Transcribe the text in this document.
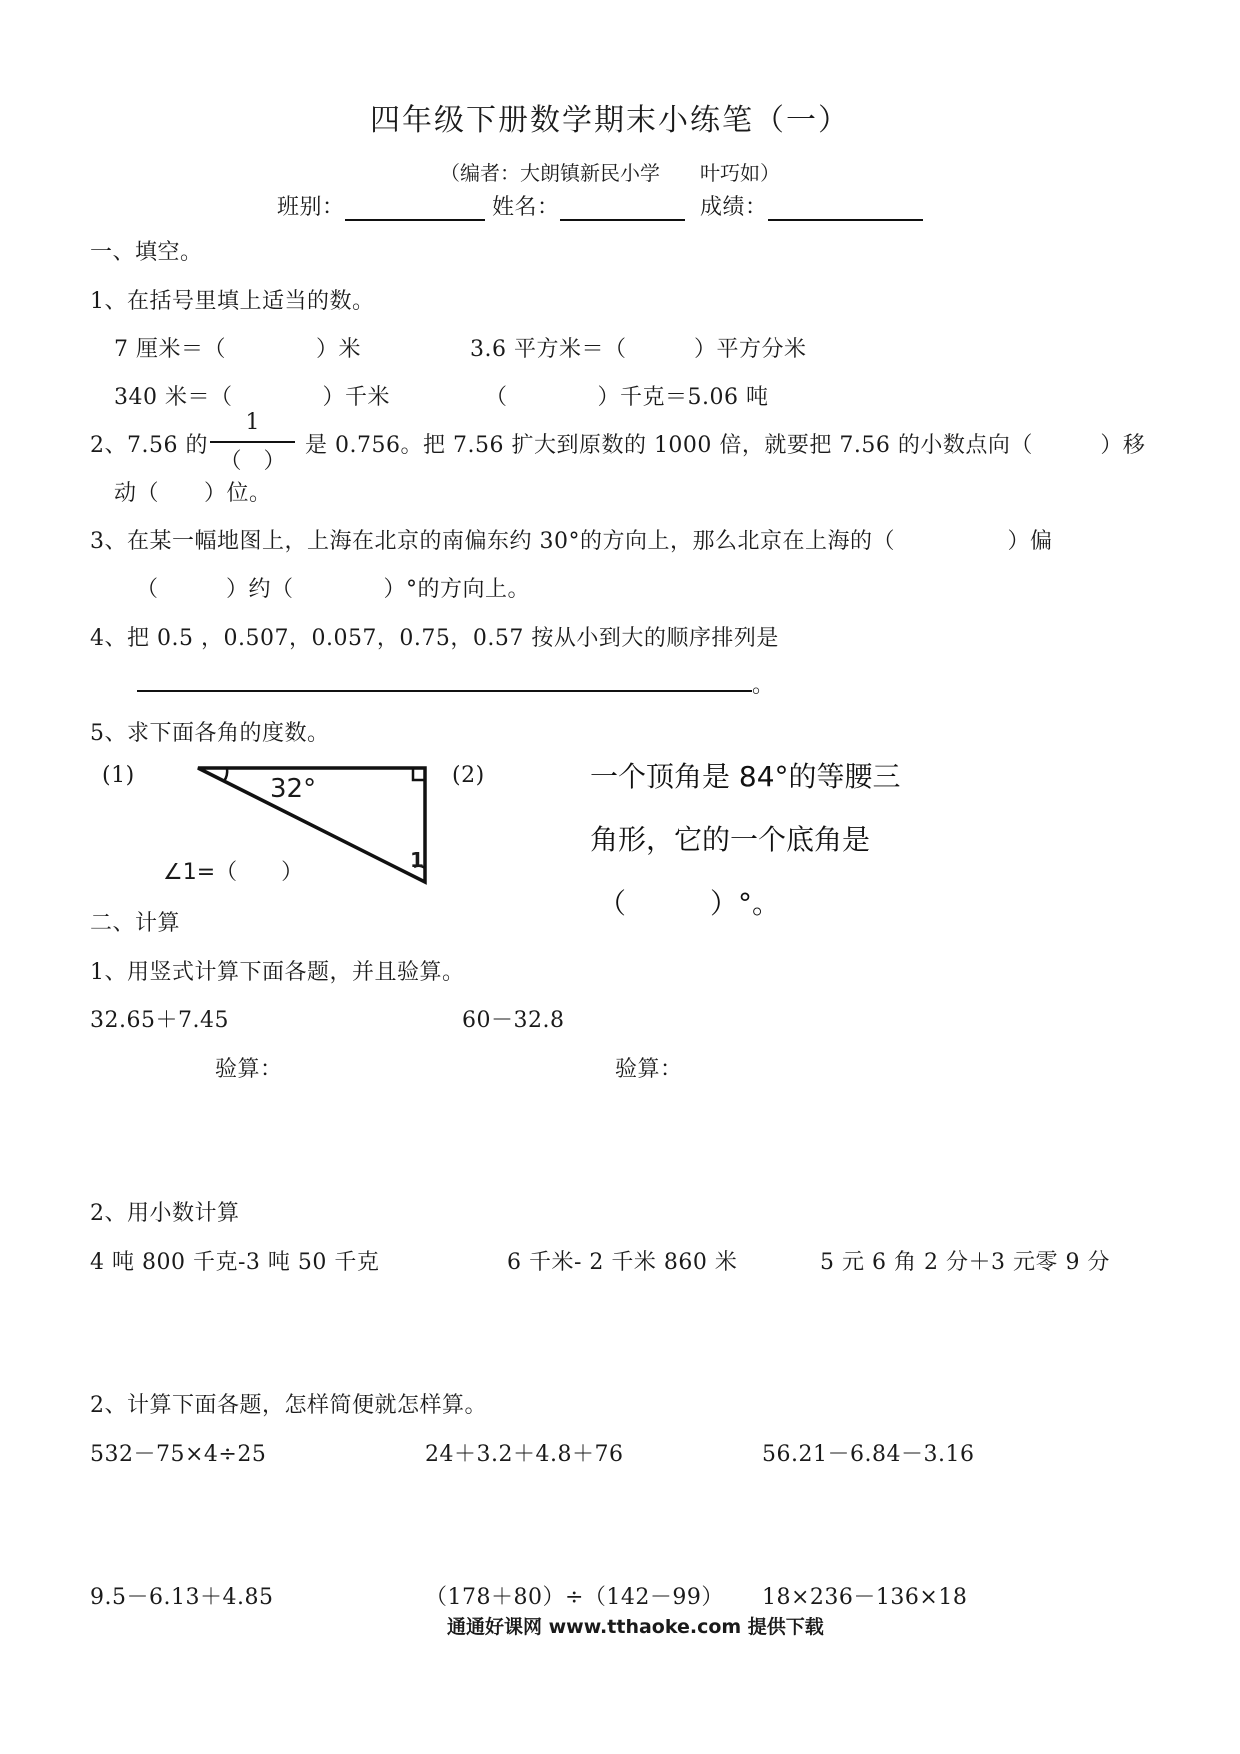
四年级下册数学期末小练笔（一）
（编者：大朗镇新民小学　　叶巧如）
班别：	姓名：	成绩：
一、填空。
1、在括号里填上适当的数。
7 厘米＝（　　　　）米	3.6 平方米＝（　　　）平方分米
340 米＝（　　　　）千米	（　　　　）千克＝5.06 吨
2、7.56 的
1
（　）
是 0.756。把 7.56 扩大到原数的 1000 倍，就要把 7.56 的小数点向（　　　）移
动（　　）位。
3、在某一幅地图上，上海在北京的南偏东约 30°的方向上，那么北京在上海的（　　　　　）偏
（　　　）约（　　　　）°的方向上。
4、把 0.5 ，0.507，0.057，0.75，0.57 按从小到大的顺序排列是
。
5、求下面各角的度数。
(1)	32°
1
(2)
∠1=（　　）
一个顶角是 84°的等腰三
角形，它的一个底角是
（　　　）°。
二、计算
1、用竖式计算下面各题，并且验算。
32.65＋7.45	60－32.8
验算：	验算：
2、用小数计算
4 吨 800 千克-3 吨 50 千克	6 千米- 2 千米 860 米	5 元 6 角 2 分＋3 元零 9 分
2、计算下面各题，怎样简便就怎样算。
532－75×4÷25	24＋3.2＋4.8＋76	56.21－6.84－3.16
9.5－6.13＋4.85	（178＋80）÷（142－99） 18×236－136×18
通通好课网 www.tthaoke.com 提供下载
